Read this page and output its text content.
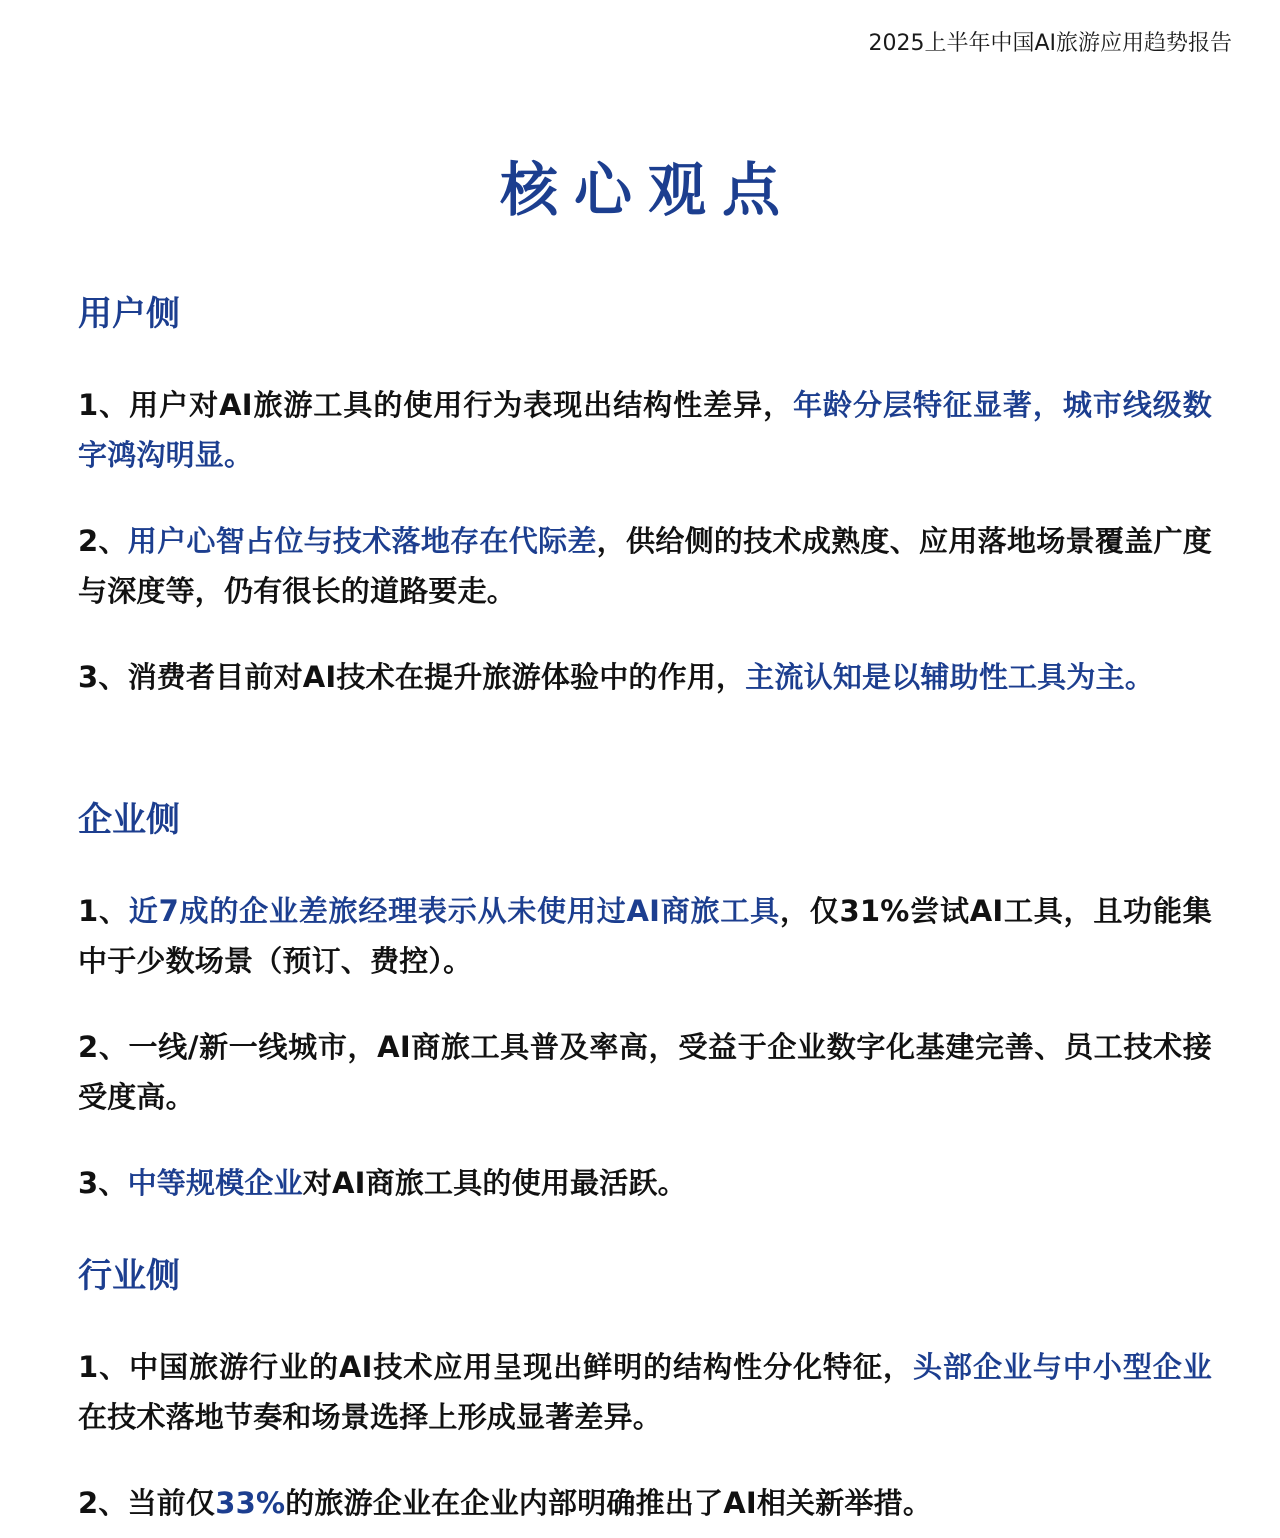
2025上半年中国AI旅游应用趋势报告
核心观点
用户侧
1、用户对AI旅游工具的使用行为表现出结构性差异，年龄分层特征显著，城市线级数字鸿沟明显。
2、用户心智占位与技术落地存在代际差，供给侧的技术成熟度、应用落地场景覆盖广度与深度等，仍有很长的道路要走。
3、消费者目前对AI技术在提升旅游体验中的作用，主流认知是以辅助性工具为主。
企业侧
1、近7成的企业差旅经理表示从未使用过AI商旅工具，仅31%尝试AI工具，且功能集中于少数场景（预订、费控）。
2、一线/新一线城市，AI商旅工具普及率高，受益于企业数字化基建完善、员工技术接受度高。
3、中等规模企业对AI商旅工具的使用最活跃。
行业侧
1、中国旅游行业的AI技术应用呈现出鲜明的结构性分化特征，头部企业与中小型企业在技术落地节奏和场景选择上形成显著差异。
2、当前仅33%的旅游企业在企业内部明确推出了AI相关新举措。
